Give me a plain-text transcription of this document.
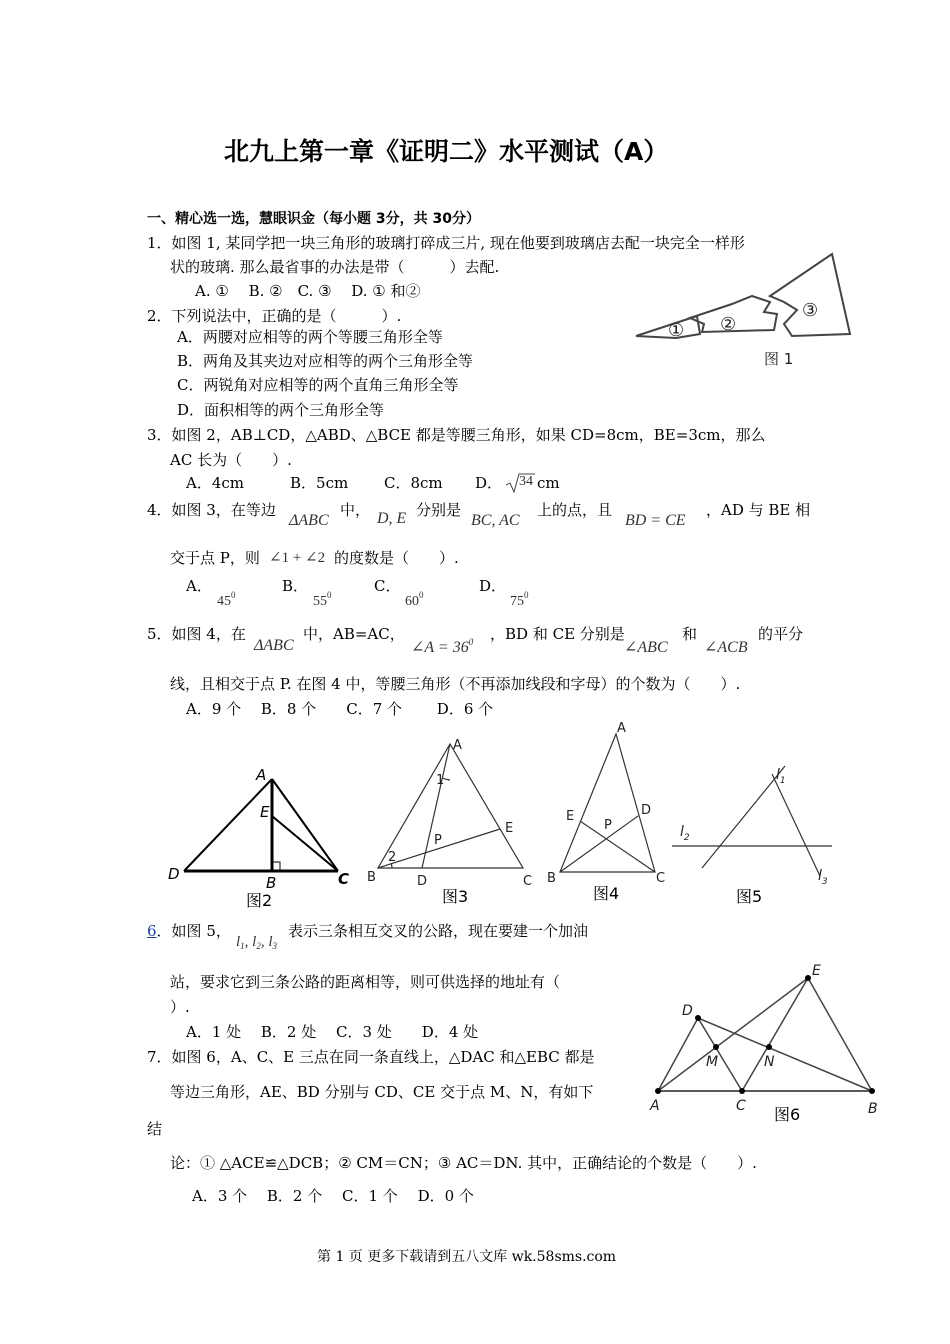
北九上第一章《证明二》水平测试（A）
一、精心选一选，慧眼识金（每小题 3分，共 30分）
1．如图 1, 某同学把一块三角形的玻璃打碎成三片, 现在他要到玻璃店去配一块完全一样形
状的玻璃. 那么最省事的办法是带（　　　）去配.
A. ①　 B. ②　C. ③　 D. ① 和②
2．下列说法中，正确的是（　　　）.
A．两腰对应相等的两个等腰三角形全等
B．两角及其夹边对应相等的两个三角形全等
C．两锐角对应相等的两个直角三角形全等
D．面积相等的两个三角形全等
① ②
③
图 1
3．如图 2，AB⊥CD，△ABD、△BCE 都是等腰三角形，如果 CD=8cm，BE=3cm，那么
AC 长为（　　）.
A．4cm	B．5cm C．8cm D． 34 cm
4．如图 3，在等边
ΔABC
中， D, E 分别是
BC, AC
上的点，且
BD = CE
，AD 与 BE 相
交于点 P，则 ∠1 + ∠2 的度数是（　　）.
A．
$45^0$	B．
$55^0$	C．
$60^0$	D．
$75^0$
5．如图 4，在
ΔABC
中，AB=AC，
∠A = $36^0$ ，BD 和 CE 分别是
∠ABC
和
∠ACB
的平分
线，且相交于点 P. 在图 4 中，等腰三角形（不再添加线段和字母）的个数为（　　）.
A．9 个　 B．8 个　　C．7 个　　 D．6 个
A
E
D	B	C
图2
A
1
P
E
2
B	D	C
图3
A
E	D
P
B	C
图4
$l_1$
$l_2$
$l_3$
图5
6．如图 5，
$l_1$, $l_2$, $l_3$
表示三条相互交叉的公路，现在要建一个加油
站，要求它到三条公路的距离相等，则可供选择的地址有（
）.
A．1 处　 B．2 处　 C．3 处　　D．4 处
7．如图 6，A、C、E 三点在同一条直线上，△DAC 和△EBC 都是
等边三角形，AE、BD 分别与 CD、CE 交于点 M、N，有如下
结
论：① △ACE≌△DCB；② CM＝CN；③ AC＝DN. 其中，正确结论的个数是（　　）.
A．3 个　 B．2 个　 C．1 个　 D．0 个
E
D
M	N
A	C	B
图6
第 1 页 更多下载请到五八文库 wk.58sms.com
